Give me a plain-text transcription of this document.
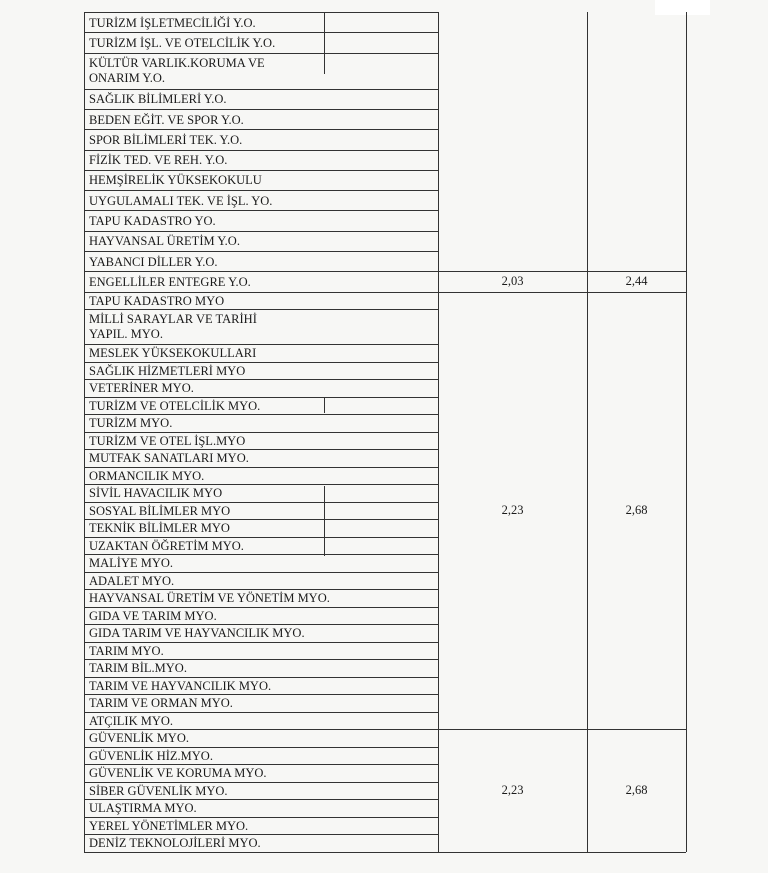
TURİZM İŞLETMECİLİĞİ Y.O.
TURİZM İŞL. VE OTELCİLİK Y.O.
KÜLTÜR VARLIK.KORUMA VE
ONARIM Y.O.
SAĞLIK BİLİMLERİ Y.O.
BEDEN EĞİT. VE SPOR Y.O.
SPOR BİLİMLERİ TEK. Y.O.
FİZİK TED. VE REH. Y.O.
HEMŞİRELİK YÜKSEKOKULU
UYGULAMALI TEK. VE İŞL. YO.
TAPU KADASTRO YO.
HAYVANSAL ÜRETİM Y.O.
YABANCI DİLLER Y.O.
ENGELLİLER ENTEGRE Y.O.	2,03	2,44
TAPU KADASTRO MYO
MİLLİ SARAYLAR VE TARİHİ
YAPIL. MYO.
MESLEK YÜKSEKOKULLARI
SAĞLIK HİZMETLERİ MYO
VETERİNER MYO.
TURİZM VE OTELCİLİK MYO.
TURİZM MYO.
TURİZM VE OTEL İŞL.MYO
MUTFAK SANATLARI MYO.
ORMANCILIK MYO.
SİVİL HAVACILIK MYO
SOSYAL BİLİMLER MYO
TEKNİK BİLİMLER MYO
UZAKTAN ÖĞRETİM MYO.
MALİYE MYO.
ADALET MYO.
HAYVANSAL ÜRETİM VE YÖNETİM MYO.
GIDA VE TARIM MYO.
GIDA TARIM VE HAYVANCILIK MYO.
TARIM MYO.
TARIM BİL.MYO.
TARIM VE HAYVANCILIK MYO.
TARIM VE ORMAN MYO.
ATÇILIK MYO.
2,23	2,68
GÜVENLİK MYO.
GÜVENLİK HİZ.MYO.
GÜVENLİK VE KORUMA MYO.
SİBER GÜVENLİK MYO.
ULAŞTIRMA MYO.
YEREL YÖNETİMLER MYO.
DENİZ TEKNOLOJİLERİ MYO.
2,23	2,68
